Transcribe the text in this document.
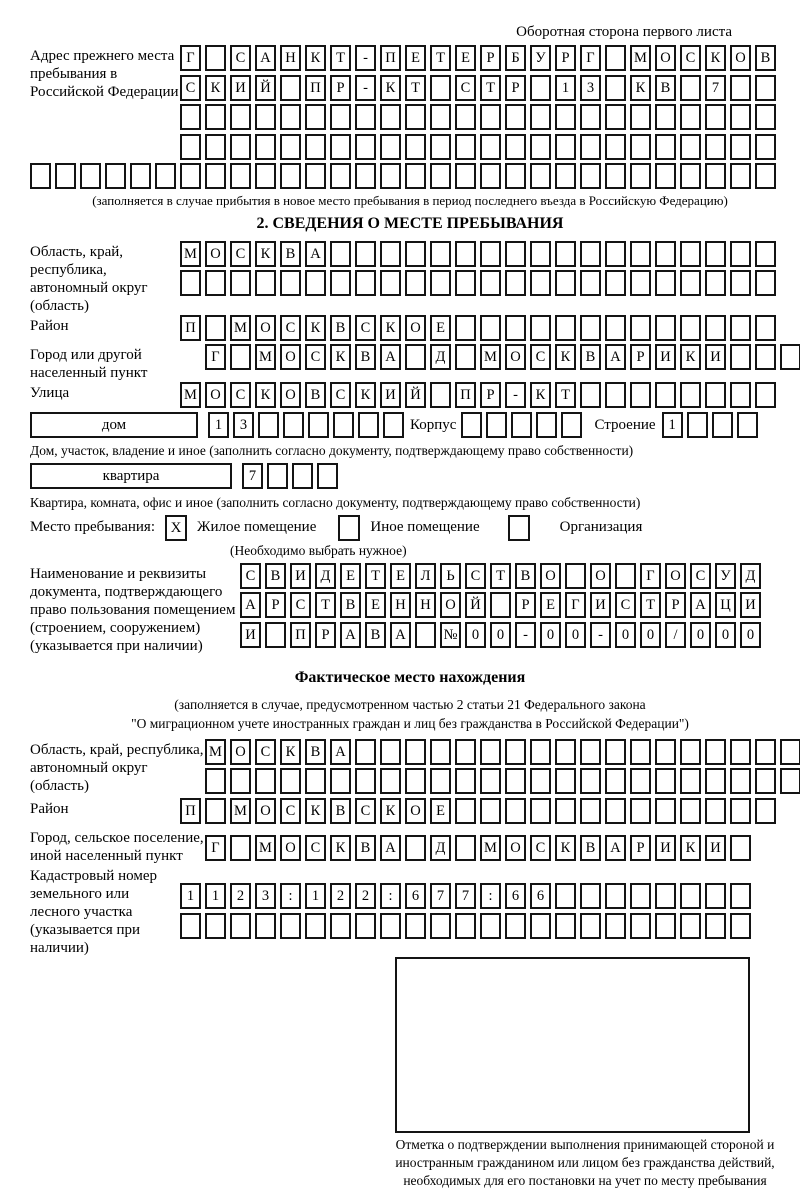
Оборотная сторона первого листа
Адрес прежнего места пребывания в Российской Федерации
Г	С	А	Н	К	Т	-	П	Е	Т	Е	Р	Б	У	Р	Г	М О	С	К	О	В
С	К	И	Й	П	Р	-	К	Т	С	Т	Р	1	3	К	В	7
(заполняется в случае прибытия в новое место пребывания в период последнего въезда в Российскую Федерацию)
2. СВЕДЕНИЯ О МЕСТЕ ПРЕБЫВАНИЯ
Область, край, республика, автономный округ (область)
М О	С	К	В	А
Район	П	М О	С	К	В	С	К	О	Е
Город или другой населенный пункт
Г	М О	С	К	В	А	Д	М О	С	К	В	А	Р	И	К	И
Улица	М О	С	К	О	В	С	К	И	Й	П	Р	-	К	Т
дом	1	3	Корпус	Строение 1
Дом, участок, владение и иное (заполнить согласно документу, подтверждающему право собственности)
квартира	7
Квартира, комната, офис и иное (заполнить согласно документу, подтверждающему право собственности)
Место пребывания:	X	Жилое помещение	Иное помещение	Организация
(Необходимо выбрать нужное)
Наименование и реквизиты документа, подтверждающего право пользования помещением (строением, сооружением) (указывается при наличии)
С	В	И	Д	Е	Т	Е	Л	Ь	С	Т	В	О	О	Г	О	С	У	Д
А	Р	С	Т	В	Е	Н	Н	О	Й	Р	Е	Г	И	С	Т	Р	А	Ц	И
И	П	Р	А	В	А	№ 0	0	-	0	0	-	0	0	/	0	0	0
Фактическое место нахождения
(заполняется в случае, предусмотренном частью 2 статьи 21 Федерального закона
"О миграционном учете иностранных граждан и лиц без гражданства в Российской Федерации")
Область, край, республика, автономный округ (область)
М О	С	К	В	А
Район	П	М О	С	К	В	С	К	О	Е
Город, сельское поселение, иной населенный пункт	Г	М О	С	К	В	А	Д	М О	С	К	В	А	Р	И	К	И
Кадастровый номер земельного или лесного участка (указывается при наличии)
1	1	2	3	:	1	2	2	:	6	7	7	:	6	6
Отметка о подтверждении выполнения принимающей стороной и иностранным гражданином или лицом без гражданства действий, необходимых для его постановки на учет по месту пребывания
